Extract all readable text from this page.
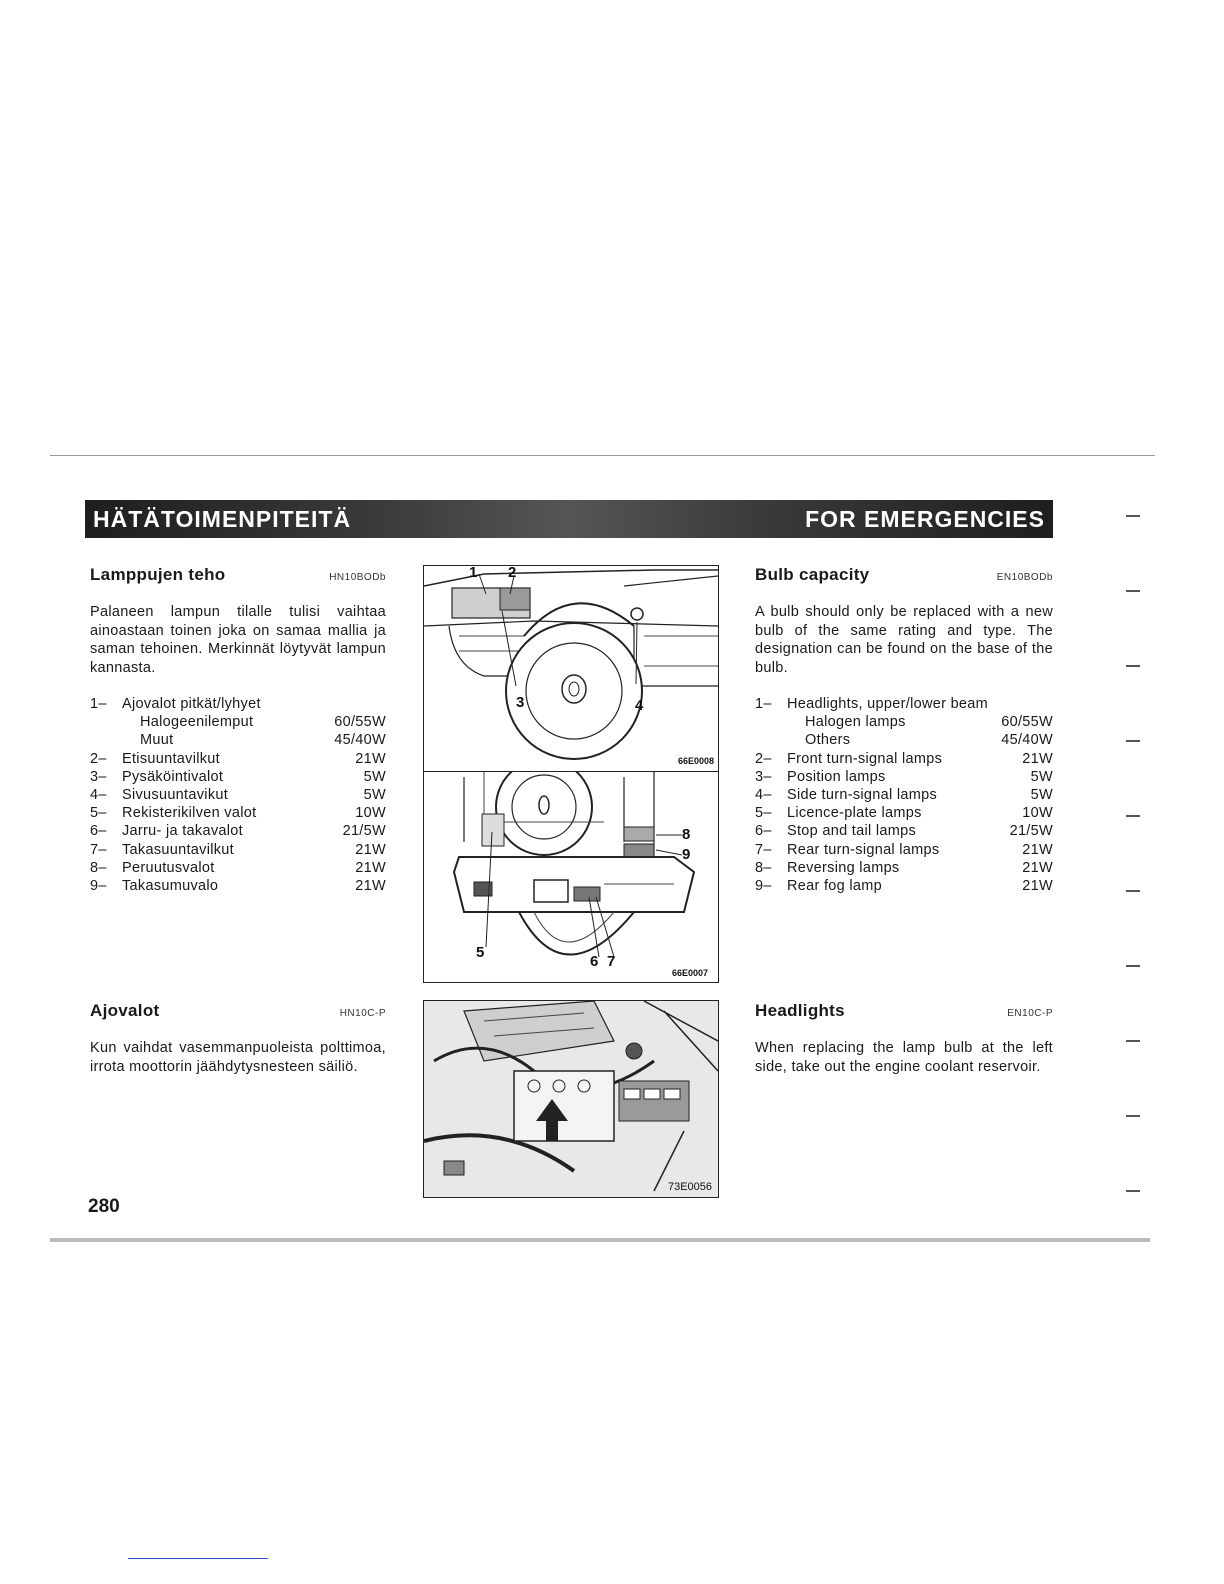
HÄTÄTOIMENPITEITÄ	FOR EMERGENCIES
Lamppujen teho	HN10BODb

Palaneen lampun tilalle tulisi vaihtaa ainoastaan toinen joka on samaa mallia ja saman tehoinen. Merkinnät löytyvät lampun kannasta.

1–	Ajovalot pitkät/lyhyet
Halogeenilemput	60/55W
Muut	45/40W
2–	Etisuuntavilkut	21W
3–	Pysäköintivalot	5W
4–	Sivusuuntavikut	5W
5–	Rekisterikilven valot	10W
6–	Jarru- ja takavalot	21/5W
7–	Takasuuntavilkut	21W
8–	Peruutusvalot	21W
9–	Takasumuvalo	21W
Bulb capacity	EN10BODb

A bulb should only be replaced with a new bulb of the same rating and type. The designation can be found on the base of the bulb.

1–	Headlights, upper/lower beam
Halogen lamps	60/55W
Others	45/40W
2–	Front turn-signal lamps	21W
3–	Position lamps	5W
4–	Side turn-signal lamps	5W
5–	Licence-plate lamps	10W
6–	Stop and tail lamps	21/5W
7–	Rear turn-signal lamps	21W
8–	Reversing lamps	21W
9–	Rear fog lamp	21W
1 2
3	4
66E0008
5
6 7
8
9
66E0007
Ajovalot	HN10C-P

Kun vaihdat vasemmanpuoleista polttimoa, irrota moottorin jäähdytysnesteen säiliö.

Headlights	EN10C-P

When replacing the lamp bulb at the left side, take out the engine coolant reservoir.

73E0056
280
